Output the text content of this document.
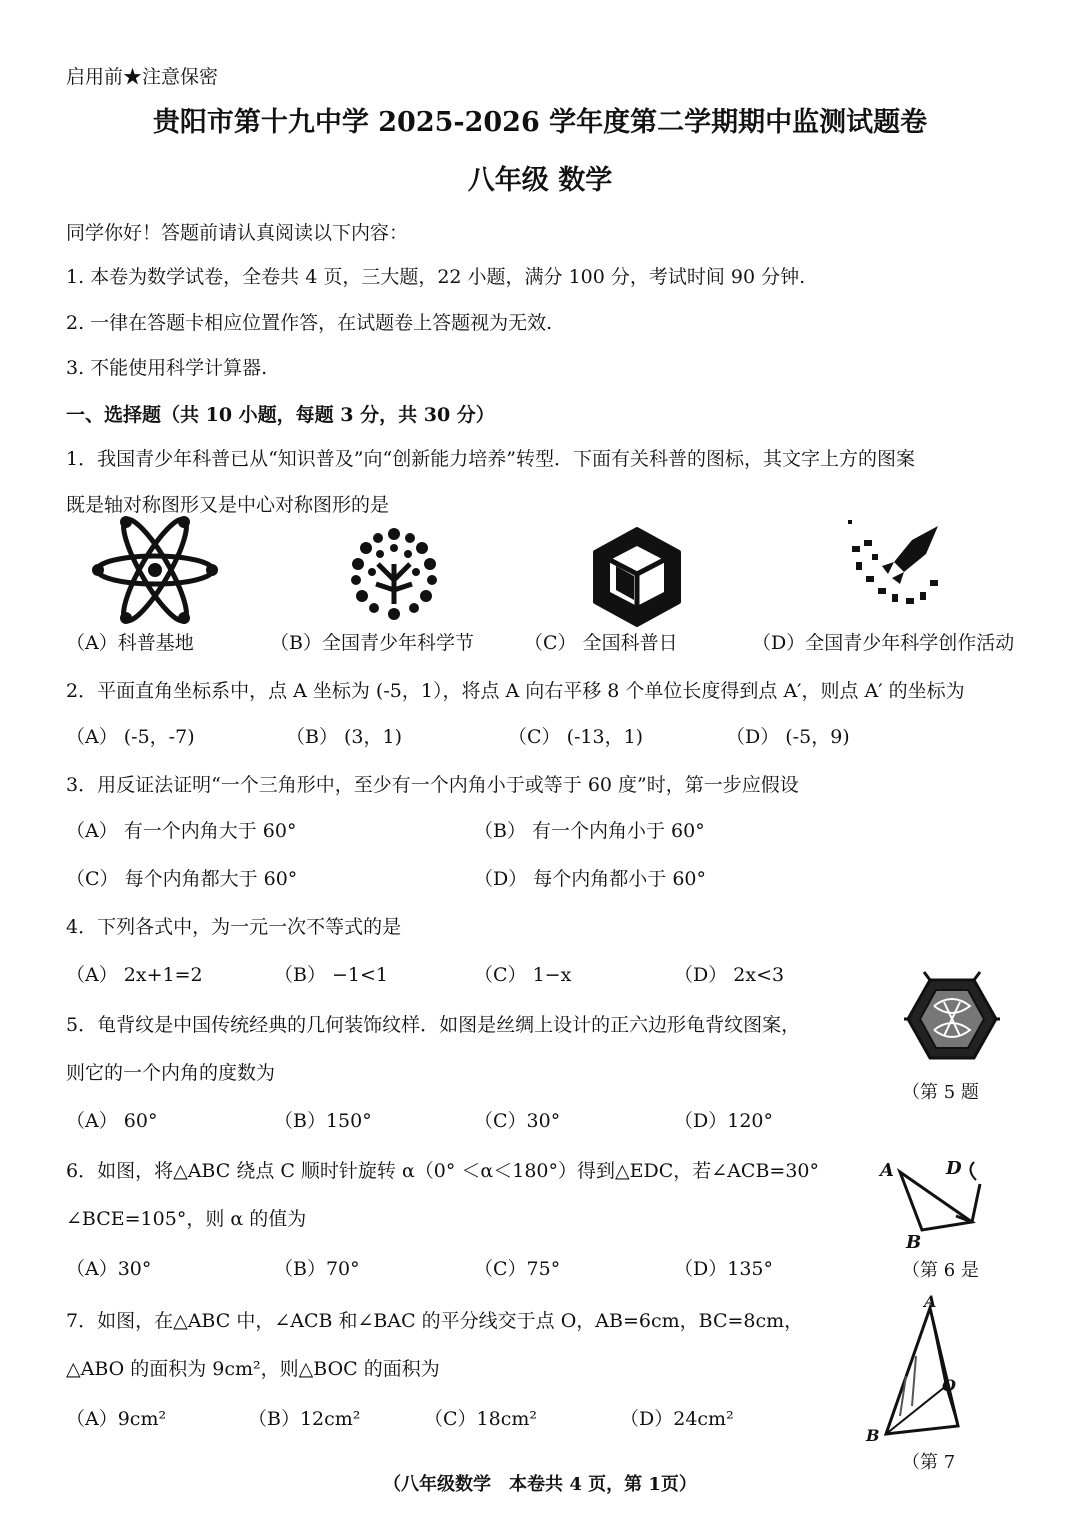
启用前★注意保密
贵阳市第十九中学 2025-2026 学年度第二学期期中监测试题卷
八年级 数学
同学你好！答题前请认真阅读以下内容：
1. 本卷为数学试卷，全卷共 4 页，三大题，22 小题，满分 100 分，考试时间 90 分钟.
2. 一律在答题卡相应位置作答，在试题卷上答题视为无效.
3. 不能使用科学计算器.
一、选择题（共 10 小题，每题 3 分，共 30 分）
1．我国青少年科普已从“知识普及”向“创新能力培养”转型．下面有关科普的图标，其文字上方的图案
既是轴对称图形又是中心对称图形的是
（A）科普基地	（B）全国青少年科学节	（C） 全国科普日	（D）全国青少年科学创作活动
2．平面直角坐标系中，点 A 坐标为 (-5，1），将点 A 向右平移 8 个单位长度得到点 A′，则点 A′ 的坐标为
（A） (-5，-7)	（B） (3，1)	（C） (-13，1)	（D） (-5，9)
3．用反证法证明“一个三角形中，至少有一个内角小于或等于 60 度”时，第一步应假设
（A） 有一个内角大于 60°	（B） 有一个内角小于 60°
（C） 每个内角都大于 60°	（D） 每个内角都小于 60°
4．下列各式中，为一元一次不等式的是
（A） 2x+1=2	（B） −1<1	（C） 1−x	（D） 2x<3
（第 5 题
5．龟背纹是中国传统经典的几何装饰纹样．如图是丝绸上设计的正六边形龟背纹图案，
则它的一个内角的度数为
（A） 60°	（B）150°	（C）30°	（D）120°
6．如图，将△ABC 绕点 C 顺时针旋转 α（0° ＜α＜180°）得到△EDC，若∠ACB=30°
∠BCE=105°，则 α 的值为
（A）30°	（B）70°	（C）75°	（D）135°
A	D
B
（第 6 是
7．如图，在△ABC 中，∠ACB 和∠BAC 的平分线交于点 O，AB=6cm，BC=8cm，
△ABO 的面积为 9cm²，则△BOC 的面积为
（A）9cm²	（B）12cm²	（C）18cm²	（D）24cm²
A
O
B
（第 7
（八年级数学　本卷共 4 页，第 1页）
